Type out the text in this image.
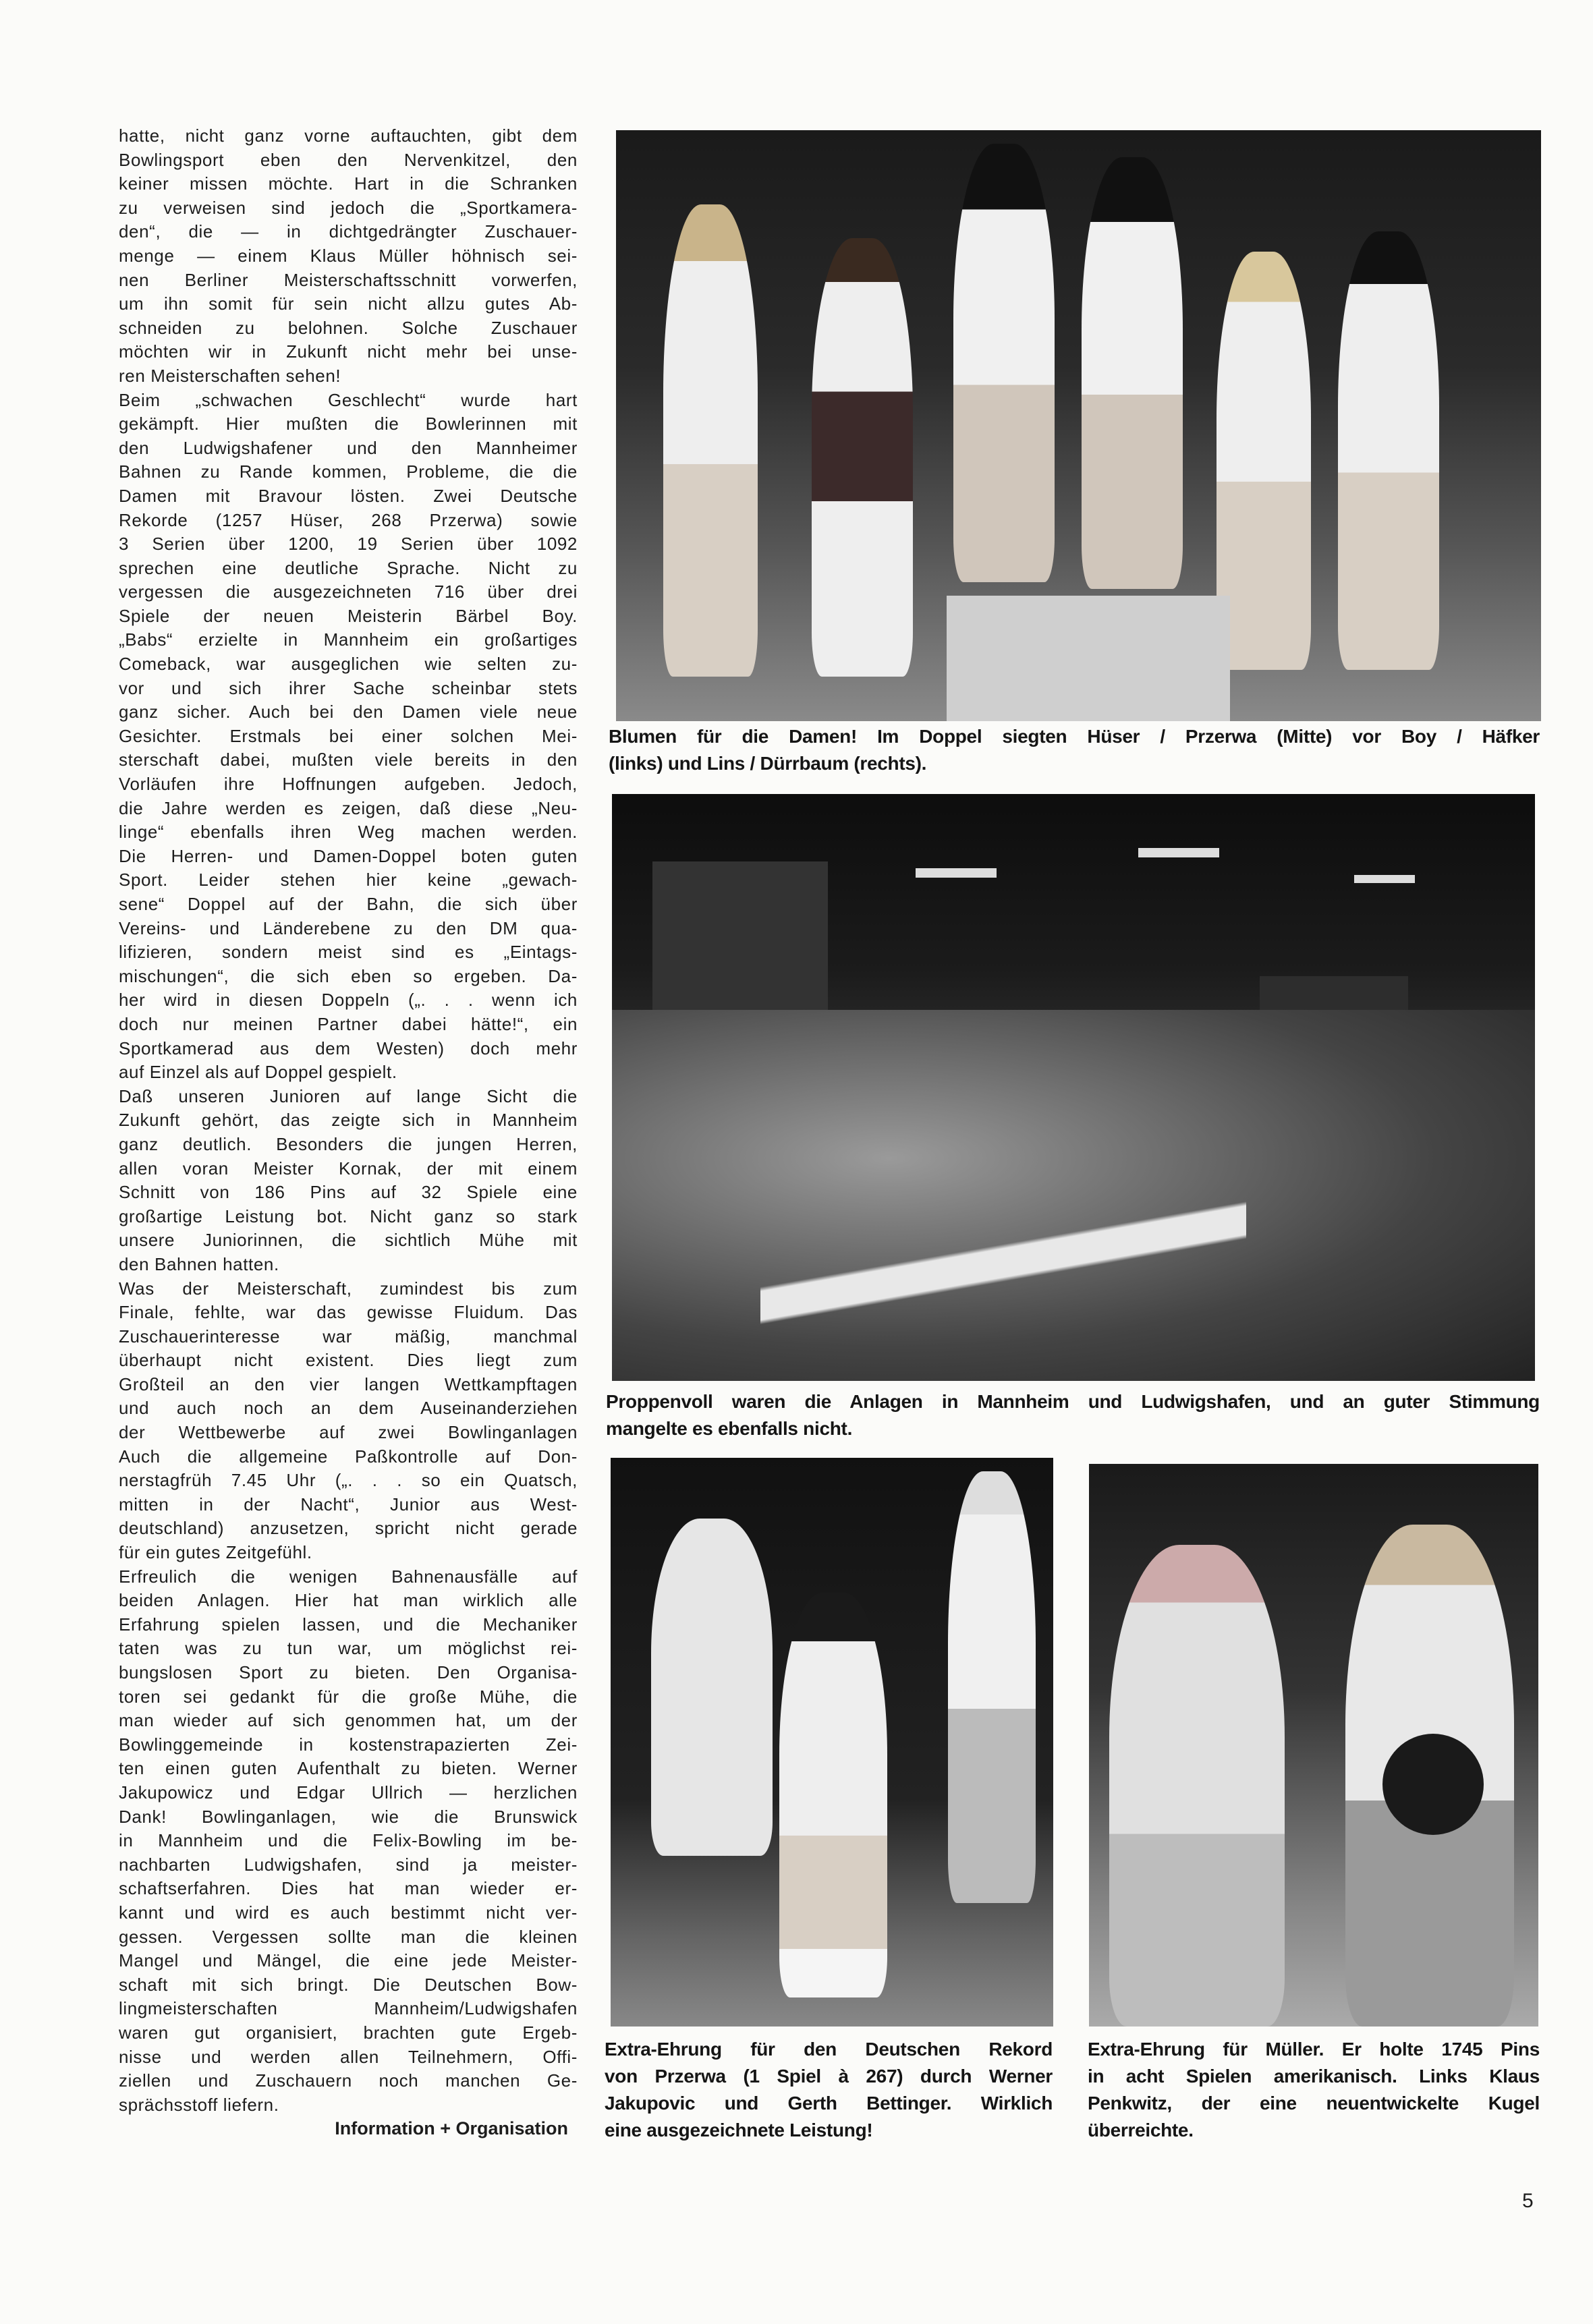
hatte, nicht ganz vorne auftauchten, gibt dem
Bowlingsport eben den Nervenkitzel, den
keiner missen möchte. Hart in die Schranken
zu verweisen sind jedoch die „Sportkamera-
den“, die — in dichtgedrängter Zuschauer-
menge — einem Klaus Müller höhnisch sei-
nen Berliner Meisterschaftsschnitt vorwerfen,
um ihn somit für sein nicht allzu gutes Ab-
schneiden zu belohnen. Solche Zuschauer
möchten wir in Zukunft nicht mehr bei unse-
ren Meisterschaften sehen!
Beim „schwachen Geschlecht“ wurde hart
gekämpft. Hier mußten die Bowlerinnen mit
den Ludwigshafener und den Mannheimer
Bahnen zu Rande kommen, Probleme, die die
Damen mit Bravour lösten. Zwei Deutsche
Rekorde (1257 Hüser, 268 Przerwa) sowie
3 Serien über 1200, 19 Serien über 1092
sprechen eine deutliche Sprache. Nicht zu
vergessen die ausgezeichneten 716 über drei
Spiele der neuen Meisterin Bärbel Boy.
„Babs“ erzielte in Mannheim ein großartiges
Comeback, war ausgeglichen wie selten zu-
vor und sich ihrer Sache scheinbar stets
ganz sicher. Auch bei den Damen viele neue
Gesichter. Erstmals bei einer solchen Mei-
sterschaft dabei, mußten viele bereits in den
Vorläufen ihre Hoffnungen aufgeben. Jedoch,
die Jahre werden es zeigen, daß diese „Neu-
linge“ ebenfalls ihren Weg machen werden.
Die Herren- und Damen-Doppel boten guten
Sport. Leider stehen hier keine „gewach-
sene“ Doppel auf der Bahn, die sich über
Vereins- und Länderebene zu den DM qua-
lifizieren, sondern meist sind es „Eintags-
mischungen“, die sich eben so ergeben. Da-
her wird in diesen Doppeln („. . . wenn ich
doch nur meinen Partner dabei hätte!“, ein
Sportkamerad aus dem Westen) doch mehr
auf Einzel als auf Doppel gespielt.
Daß unseren Junioren auf lange Sicht die
Zukunft gehört, das zeigte sich in Mannheim
ganz deutlich. Besonders die jungen Herren,
allen voran Meister Kornak, der mit einem
Schnitt von 186 Pins auf 32 Spiele eine
großartige Leistung bot. Nicht ganz so stark
unsere Juniorinnen, die sichtlich Mühe mit
den Bahnen hatten.
Was der Meisterschaft, zumindest bis zum
Finale, fehlte, war das gewisse Fluidum. Das
Zuschauerinteresse war mäßig, manchmal
überhaupt nicht existent. Dies liegt zum
Großteil an den vier langen Wettkampftagen
und auch noch an dem Auseinanderziehen
der Wettbewerbe auf zwei Bowlinganlagen
Auch die allgemeine Paßkontrolle auf Don-
nerstagfrüh 7.45 Uhr („. . . so ein Quatsch,
mitten in der Nacht“, Junior aus West-
deutschland) anzusetzen, spricht nicht gerade
für ein gutes Zeitgefühl.
Erfreulich die wenigen Bahnenausfälle auf
beiden Anlagen. Hier hat man wirklich alle
Erfahrung spielen lassen, und die Mechaniker
taten was zu tun war, um möglichst rei-
bungslosen Sport zu bieten. Den Organisa-
toren sei gedankt für die große Mühe, die
man wieder auf sich genommen hat, um der
Bowlinggemeinde in kostenstrapazierten Zei-
ten einen guten Aufenthalt zu bieten. Werner
Jakupowicz und Edgar Ullrich — herzlichen
Dank! Bowlinganlagen, wie die Brunswick
in Mannheim und die Felix-Bowling im be-
nachbarten Ludwigshafen, sind ja meister-
schaftserfahren. Dies hat man wieder er-
kannt und wird es auch bestimmt nicht ver-
gessen. Vergessen sollte man die kleinen
Mangel und Mängel, die eine jede Meister-
schaft mit sich bringt. Die Deutschen Bow-
lingmeisterschaften Mannheim/Ludwigshafen
waren gut organisiert, brachten gute Ergeb-
nisse und werden allen Teilnehmern, Offi-
ziellen und Zuschauern noch manchen Ge-
sprächsstoff liefern.
Information + Organisation
Blumen für die Damen! Im Doppel siegten Hüser / Przerwa (Mitte) vor Boy / Häfker
(links) und Lins / Dürrbaum (rechts).
Proppenvoll waren die Anlagen in Mannheim und Ludwigshafen, und an guter Stimmung
mangelte es ebenfalls nicht.
Extra-Ehrung für den Deutschen Rekord
von Przerwa (1 Spiel à 267) durch Werner
Jakupovic und Gerth Bettinger. Wirklich
eine ausgezeichnete Leistung!
Extra-Ehrung für Müller. Er holte 1745 Pins
in acht Spielen amerikanisch. Links Klaus
Penkwitz, der eine neuentwickelte Kugel
überreichte.
5
